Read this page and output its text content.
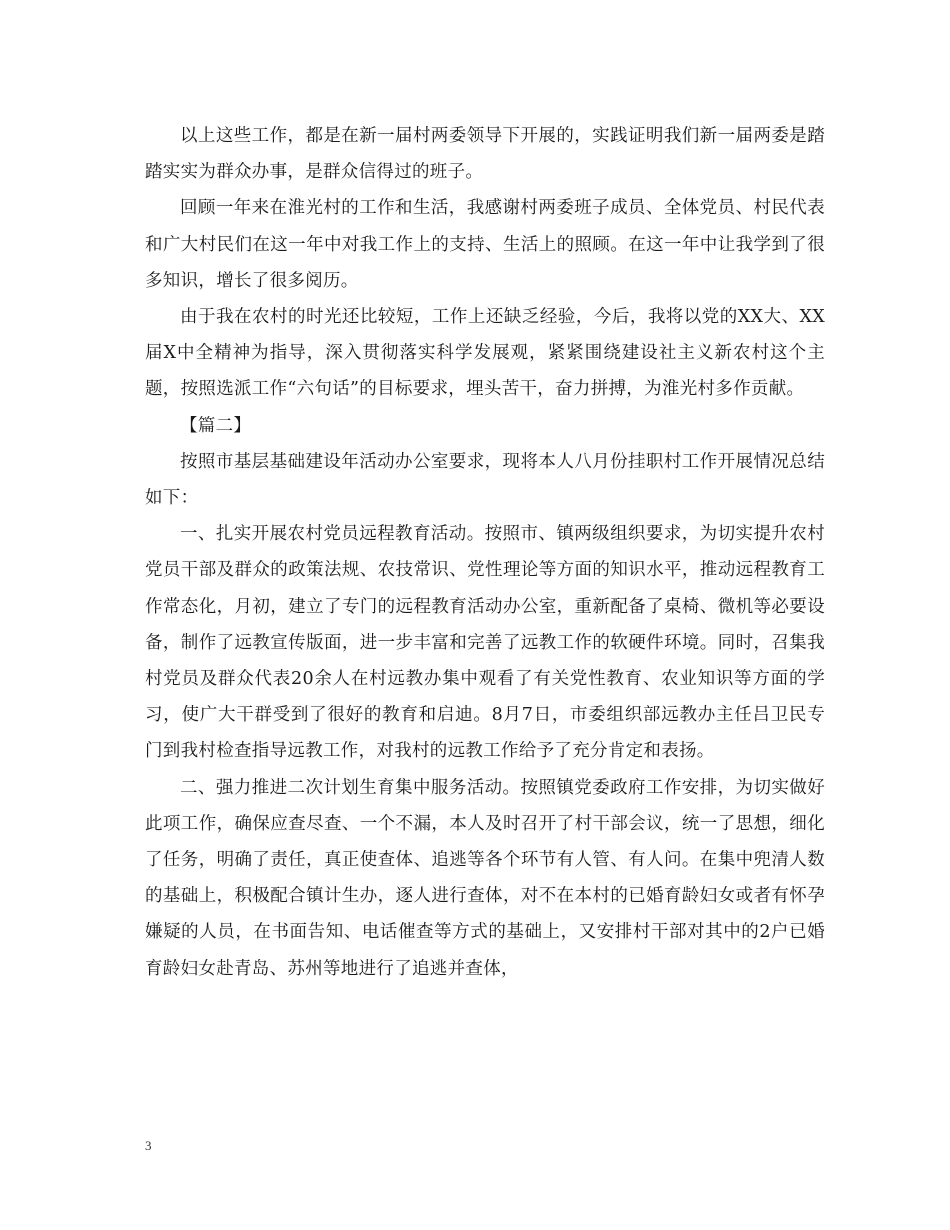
以上这些工作，都是在新一届村两委领导下开展的，实践证明我们新一届两委是踏踏实实为群众办事，是群众信得过的班子。

回顾一年来在淮光村的工作和生活，我感谢村两委班子成员、全体党员、村民代表和广大村民们在这一年中对我工作上的支持、生活上的照顾。在这一年中让我学到了很多知识，增长了很多阅历。

由于我在农村的时光还比较短，工作上还缺乏经验，今后，我将以党的XX大、XX届X中全精神为指导，深入贯彻落实科学发展观，紧紧围绕建设社主义新农村这个主题，按照选派工作“六句话”的目标要求，埋头苦干，奋力拼搏，为淮光村多作贡献。

【篇二】

按照市基层基础建设年活动办公室要求，现将本人八月份挂职村工作开展情况总结如下：

一、扎实开展农村党员远程教育活动。按照市、镇两级组织要求，为切实提升农村党员干部及群众的政策法规、农技常识、党性理论等方面的知识水平，推动远程教育工作常态化，月初，建立了专门的远程教育活动办公室，重新配备了桌椅、微机等必要设备，制作了远教宣传版面，进一步丰富和完善了远教工作的软硬件环境。同时，召集我村党员及群众代表20余人在村远教办集中观看了有关党性教育、农业知识等方面的学习，使广大干群受到了很好的教育和启迪。8月7日，市委组织部远教办主任吕卫民专门到我村检查指导远教工作，对我村的远教工作给予了充分肯定和表扬。

二、强力推进二次计划生育集中服务活动。按照镇党委政府工作安排，为切实做好此项工作，确保应查尽查、一个不漏，本人及时召开了村干部会议，统一了思想，细化了任务，明确了责任，真正使查体、追逃等各个环节有人管、有人问。在集中兜清人数的基础上，积极配合镇计生办，逐人进行查体，对不在本村的已婚育龄妇女或者有怀孕嫌疑的人员，在书面告知、电话催查等方式的基础上，又安排村干部对其中的2户已婚育龄妇女赴青岛、苏州等地进行了追逃并查体，

3
